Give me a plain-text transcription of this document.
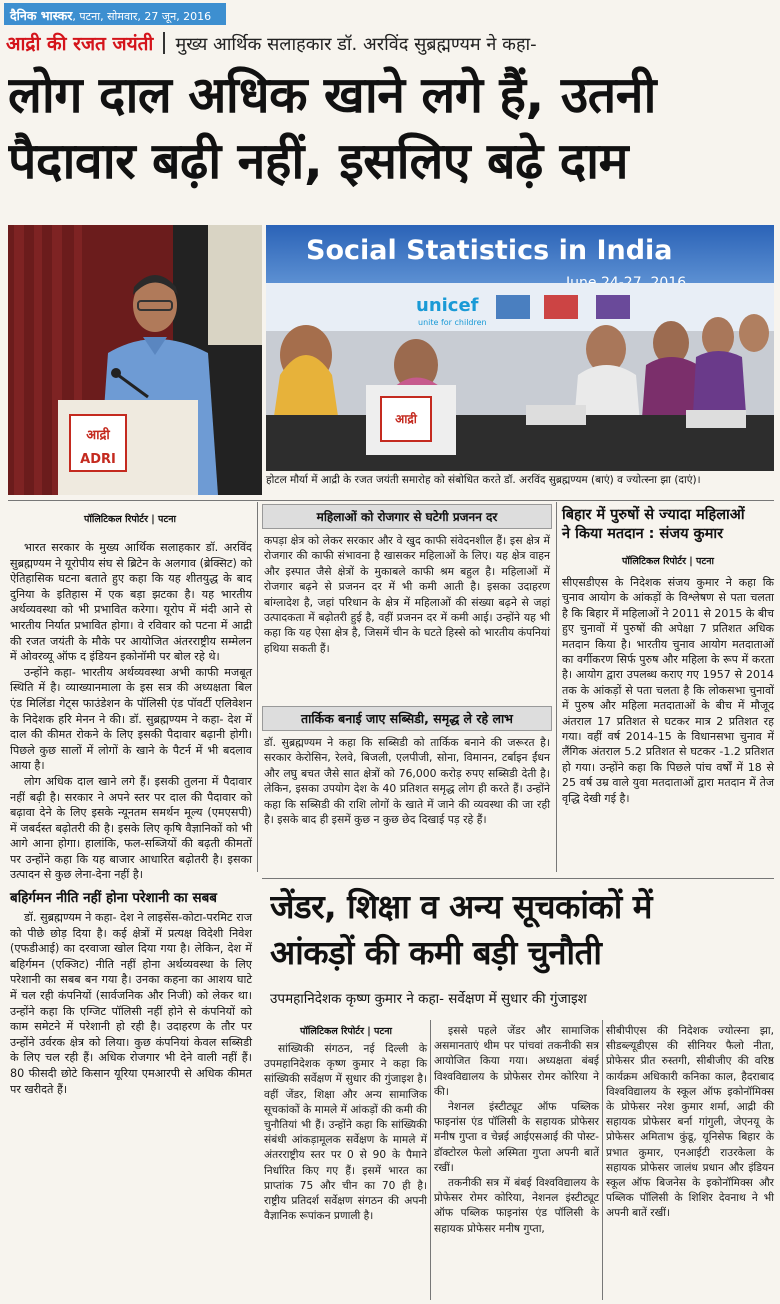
दैनिक भास्कर, पटना, सोमवार, 27 जून, 2016
आद्री की रजत जयंती मुख्य आर्थिक सलाहकार डॉ. अरविंद सुब्रह्मण्यम ने कहा-
लोग दाल अधिक खाने लगे हैं, उतनी
पैदावार बढ़ी नहीं, इसलिए बढ़े दाम
आद्री
ADRI
Social Statistics in India
unicef
unite for children
आद्री
होटल मौर्या में आद्री के रजत जयंती समारोह को संबोधित करते डॉ. अरविंद सुब्रह्मण्यम (बाएं) व ज्योत्स्ना झा (दाएं)।
पॉलिटिकल रिपोर्टर | पटना

भारत सरकार के मुख्य आर्थिक सलाहकार डॉ. अरविंद सुब्रह्मण्यम ने यूरोपीय संघ से ब्रिटेन के अलगाव (ब्रेक्सिट) को ऐतिहासिक घटना बताते हुए कहा कि यह शीतयुद्ध के बाद दुनिया के इतिहास में एक बड़ा झटका है। यह भारतीय अर्थव्यवस्था को भी प्रभावित करेगा। यूरोप में मंदी आने से भारतीय निर्यात प्रभावित होगा। वे रविवार को पटना में आद्री की रजत जयंती के मौके पर आयोजित अंतरराष्ट्रीय सम्मेलन में ओवरव्यू ऑफ द इंडियन इकोनॉमी पर बोल रहे थे।

उन्होंने कहा- भारतीय अर्थव्यवस्था अभी काफी मजबूत स्थिति में है। व्याख्यानमाला के इस सत्र की अध्यक्षता बिल एंड मिलिंडा गेट्स फाउंडेशन के पॉलिसी एंड पॉवर्टी एलिवेशन के निदेशक हरि मेनन ने की। डॉ. सुब्रह्मण्यम ने कहा- देश में दाल की कीमत रोकने के लिए इसकी पैदावार बढ़ानी होगी। पिछले कुछ सालों में लोगों के खाने के पैटर्न में भी बदलाव आया है।

लोग अधिक दाल खाने लगे हैं। इसकी तुलना में पैदावार नहीं बढ़ी है। सरकार ने अपने स्तर पर दाल की पैदावार को बढ़ावा देने के लिए इसके न्यूनतम समर्थन मूल्य (एमएसपी) में जबर्दस्त बढ़ोतरी की है। इसके लिए कृषि वैज्ञानिकों को भी आगे आना होगा। हालांकि, फल-सब्जियों की बढ़ती कीमतों पर उन्होंने कहा कि यह बाजार आधारित बढ़ोतरी है। इसका उत्पादन से कुछ लेना-देना नहीं है।

बहिर्गमन नीति नहीं होना परेशानी का सबब

डॉ. सुब्रह्मण्यम ने कहा- देश ने लाइसेंस-कोटा-परमिट राज को पीछे छोड़ दिया है। कई क्षेत्रों में प्रत्यक्ष विदेशी निवेश (एफडीआई) का दरवाजा खोल दिया गया है। लेकिन, देश में बहिर्गमन (एक्जिट) नीति नहीं होना अर्थव्यवस्था के लिए परेशानी का सबब बन गया है। उनका कहना का आशय घाटे में चल रही कंपनियों (सार्वजनिक और निजी) को लेकर था। उन्होंने कहा कि एग्जिट पॉलिसी नहीं होने से कंपनियों को काम समेटने में परेशानी हो रही है। उदाहरण के तौर पर उन्होंने उर्वरक क्षेत्र को लिया। कुछ कंपनियां केवल सब्सिडी के लिए चल रही हैं। अधिक रोजगार भी देने वाली नहीं हैं। 80 फीसदी छोटे किसान यूरिया एमआरपी से अधिक कीमत पर खरीदते हैं।

महिलाओं को रोजगार से घटेगी प्रजनन दर

कपड़ा क्षेत्र को लेकर सरकार और वे खुद काफी संवेदनशील हैं। इस क्षेत्र में रोजगार की काफी संभावना है खासकर महिलाओं के लिए। यह क्षेत्र वाहन और इस्पात जैसे क्षेत्रों के मुकाबले काफी श्रम बहुल है। महिलाओं में रोजगार बढ़ने से प्रजनन दर में भी कमी आती है। इसका उदाहरण बांग्लादेश है, जहां परिधान के क्षेत्र में महिलाओं की संख्या बढ़ने से जहां उत्पादकता में बढ़ोतरी हुई है, वहीं प्रजनन दर में कमी आई। उन्होंने यह भी कहा कि यह ऐसा क्षेत्र है, जिसमें चीन के घटते हिस्से को भारतीय कंपनियां हथिया सकती हैं।

तार्किक बनाई जाए सब्सिडी, समृद्ध ले रहे लाभ

डॉ. सुब्रह्मण्यम ने कहा कि सब्सिडी को तार्किक बनाने की जरूरत है। सरकार केरोसिन, रेलवे, बिजली, एलपीजी, सोना, विमानन, टर्बाइन ईंधन और लघु बचत जैसे सात क्षेत्रों को 76,000 करोड़ रुपए सब्सिडी देती है। लेकिन, इसका उपयोग देश के 40 प्रतिशत समृद्ध लोग ही करते हैं। उन्होंने कहा कि सब्सिडी की राशि लोगों के खाते में जाने की व्यवस्था की जा रही है। इसके बाद ही इसमें कुछ न कुछ छेद दिखाई पड़ रहे हैं।

बिहार में पुरुषों से ज्यादा महिलाओं
ने किया मतदान : संजय कुमार
पॉलिटिकल रिपोर्टर | पटना

सीएसडीएस के निदेशक संजय कुमार ने कहा कि चुनाव आयोग के आंकड़ों के विश्लेषण से पता चलता है कि बिहार में महिलाओं ने 2011 से 2015 के बीच हुए चुनावों में पुरुषों की अपेक्षा 7 प्रतिशत अधिक मतदान किया है। भारतीय चुनाव आयोग मतदाताओं का वर्गीकरण सिर्फ पुरुष और महिला के रूप में करता है। आयोग द्वारा उपलब्ध कराए गए 1957 से 2014 तक के आंकड़ों से पता चलता है कि लोकसभा चुनावों में पुरुष और महिला मतदाताओं के बीच में मौजूद अंतराल 17 प्रतिशत से घटकर मात्र 2 प्रतिशत रह गया। वहीं वर्ष 2014-15 के विधानसभा चुनाव में लैंगिक अंतराल 5.2 प्रतिशत से घटकर -1.2 प्रतिशत हो गया। उन्होंने कहा कि पिछले पांच वर्षों में 18 से 25 वर्ष उम्र वाले युवा मतदाताओं द्वारा मतदान में तेज वृद्धि देखी गई है।

जेंडर, शिक्षा व अन्य सूचकांकों में
आंकड़ों की कमी बड़ी चुनौती
उपमहानिदेशक कृष्ण कुमार ने कहा- सर्वेक्षण में सुधार की गुंजाइश
पॉलिटिकल रिपोर्टर | पटना

सांख्यिकी संगठन, नई दिल्ली के उपमहानिदेशक कृष्ण कुमार ने कहा कि सांख्यिकी सर्वेक्षण में सुधार की गुंजाइश है। वहीं जेंडर, शिक्षा और अन्य सामाजिक सूचकांकों के मामले में आंकड़ों की कमी की चुनौतियां भी हैं। उन्होंने कहा कि सांख्यिकी संबंधी आंकड़ामूलक सर्वेक्षण के मामले में अंतरराष्ट्रीय स्तर पर 0 से 90 के पैमाने निर्धारित किए गए हैं। इसमें भारत का प्राप्तांक 75 और चीन का 70 ही है। राष्ट्रीय प्रतिदर्श सर्वेक्षण संगठन की अपनी वैज्ञानिक रूपांकन प्रणाली है।

इससे पहले जेंडर और सामाजिक असमानताएं थीम पर पांचवां तकनीकी सत्र आयोजित किया गया। अध्यक्षता बंबई विश्वविद्यालय के प्रोफेसर रोमर कोरिया ने की।

नेशनल इंस्टीट्यूट ऑफ पब्लिक फाइनांस एंड पॉलिसी के सहायक प्रोफेसर मनीष गुप्ता व चेन्नई आईएसआई की पोस्ट-डॉक्टोरल फेलो अस्मिता गुप्ता अपनी बातें रखीं।

तकनीकी सत्र में बंबई विश्वविद्यालय के प्रोफेसर रोमर कोरिया, नेशनल इंस्टीट्यूट ऑफ पब्लिक फाइनांस एंड पॉलिसी के सहायक प्रोफेसर मनीष गुप्ता,

सीबीपीएस की निदेशक ज्योत्स्ना झा, सीडब्ल्यूडीएस की सीनियर फैलो नीता, प्रोफेसर प्रीत रुस्तगी, सीबीजीए की वरिष्ठ कार्यक्रम अधिकारी कनिका काल, हैदराबाद विश्वविद्यालय के स्कूल ऑफ इकोनॉमिक्स के प्रोफेसर नरेश कुमार शर्मा, आद्री की सहायक प्रोफेसर बर्ना गांगुली, जेएनयू के प्रोफेसर अमिताभ कुंडू, यूनिसेफ बिहार के प्रभात कुमार, एनआईटी राउरकेला के सहायक प्रोफेसर जालंध प्रधान और इंडियन स्कूल ऑफ बिजनेस के इकोनॉमिक्स और पब्लिक पॉलिसी के शिशिर देवनाथ ने भी अपनी बातें रखीं।
